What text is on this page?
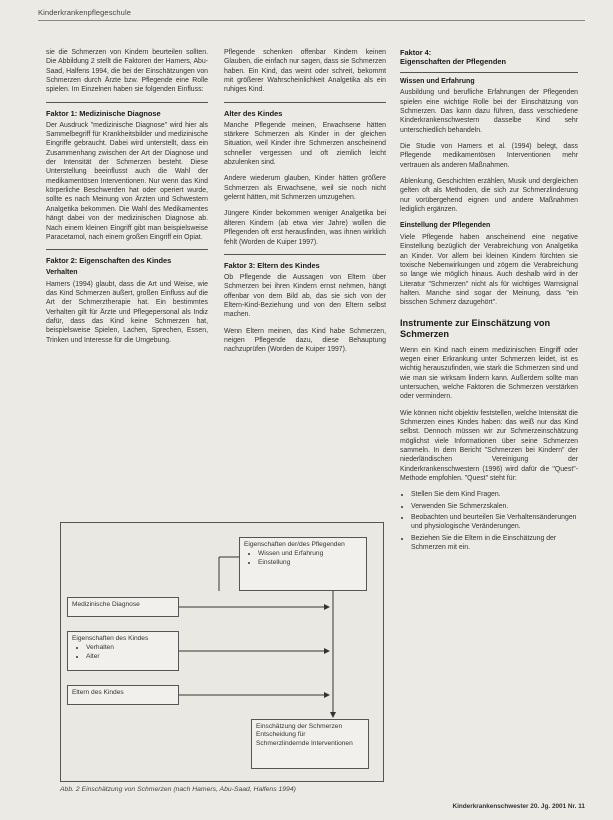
Kinderkrankenpflegeschule

sie die Schmerzen von Kindern beurteilen sollten. Die Abbildung 2 stellt die Faktoren der Hamers, Abu-Saad, Halfens 1994, die bei der Einschätzungen von Schmerzen durch Ärzte bzw. Pflegende eine Rolle spielen. Im Einzelnen haben sie folgenden Einfluss:

Faktor 1: Medizinische Diagnose

Der Ausdruck "medizinische Diagnose" wird hier als Sammelbegriff für Krankheitsbilder und medizinische Eingriffe gebraucht. Dabei wird unterstellt, dass ein Zusammenhang zwischen der Art der Diagnose und der Intensität der Schmerzen besteht. Diese Unterstellung beeinflusst auch die Wahl der medikamentösen Interventionen. Nur wenn das Kind körperliche Beschwerden hat oder operiert wurde, sollte es nach Meinung von Ärzten und Schwestern Analgetika bekommen. Die Wahl des Medikamentes hängt dabei von der medizinischen Diagnose ab. Nach einem kleinen Eingriff gibt man beispielsweise Paracetamol, nach einem großen Eingriff ein Opiat.

Faktor 2: Eigenschaften des Kindes
Verhalten

Hamers (1994) glaubt, dass die Art und Weise, wie das Kind Schmerzen äußert, großen Einfluss auf die Art der Schmerztherapie hat. Ein bestimmtes Verhalten gilt für Ärzte und Pflegepersonal als Indiz dafür, dass das Kind keine Schmerzen hat, beispielsweise Spielen, Lachen, Sprechen, Essen, Trinken und Interesse für die Umgebung.

Pflegende schenken offenbar Kindern keinen Glauben, die einfach nur sagen, dass sie Schmerzen haben. Ein Kind, das weint oder schreit, bekommt mit größerer Wahrscheinlichkeit Analgetika als ein ruhiges Kind.

Alter des Kindes

Manche Pflegende meinen, Erwachsene hätten stärkere Schmerzen als Kinder in der gleichen Situation, weil Kinder ihre Schmerzen anscheinend schneller vergessen und oft ziemlich leicht abzulenken sind.

Andere wiederum glauben, Kinder hätten größere Schmerzen als Erwachsene, weil sie noch nicht gelernt hätten, mit Schmerzen umzugehen.

Jüngere Kinder bekommen weniger Analgetika bei älteren Kindern (ab etwa vier Jahre) wollen die Pflegenden oft erst herausfinden, was ihnen wirklich fehlt (Worden de Kuiper 1997).

Faktor 3: Eltern des Kindes

Ob Pflegende die Aussagen von Eltern über Schmerzen bei ihren Kindern ernst nehmen, hängt offenbar von dem Bild ab, das sie sich von der Eltern-Kind-Beziehung und von den Eltern selbst machen.

Wenn Eltern meinen, das Kind habe Schmerzen, neigen Pflegende dazu, diese Behauptung nachzuprüfen (Worden de Kuiper 1997).

Faktor 4:
Eigenschaften der Pflegenden
Wissen und Erfahrung

Ausbildung und berufliche Erfahrungen der Pflegenden spielen eine wichtige Rolle bei der Einschätzung von Schmerzen. Das kann dazu führen, dass verschiedene Kinderkrankenschwestern dasselbe Kind sehr unterschiedlich behandeln.

Die Studie von Hamers et al. (1994) belegt, dass Pflegende medikamentösen Interventionen mehr vertrauen als anderen Maßnahmen.

Ablenkung, Geschichten erzählen, Musik und dergleichen gelten oft als Methoden, die sich zur Schmerzlinderung nur vorübergehend eignen und andere Maßnahmen lediglich ergänzen.

Einstellung der Pflegenden

Viele Pflegende haben anscheinend eine negative Einstellung bezüglich der Verabreichung von Analgetika an Kinder. Vor allem bei kleinen Kindern fürchten sie toxische Nebenwirkungen und zögern die Verabreichung so lange wie möglich hinaus. Auch deshalb wird in der Literatur "Schmerzen" nicht als für wichtiges Warnsignal halten. Manche sind sogar der Meinung, dass "ein bisschen Schmerz dazugehört".

Instrumente zur Einschätzung von Schmerzen

Wenn ein Kind nach einem medizinischen Eingriff oder wegen einer Erkrankung unter Schmerzen leidet, ist es wichtig herauszufinden, wie stark die Schmerzen sind und wie man sie wirksam lindern kann. Außerdem sollte man untersuchen, welche Faktoren die Schmerzen verstärken oder vermindern.

Wie können nicht objektiv feststellen, welche Intensität die Schmerzen eines Kindes haben: das weiß nur das Kind selbst. Dennoch müssen wir zur Schmerzeinschätzung möglichst viele Informationen über seine Schmerzen sammeln. In dem Bericht "Schmerzen bei Kindern" der niederländischen Vereinigung der Kinderkrankenschwestern (1996) wird dafür die "Quest"-Methode empfohlen. "Quest" steht für:

• Stellen Sie dem Kind Fragen.
• Verwenden Sie Schmerzskalen.
• Beobachten und beurteilen Sie Verhaltensänderungen und physiologische Veränderungen.
• Beziehen Sie die Eltern in die Einschätzung der Schmerzen mit ein.
Eigenschaften der/des Pflegenden
• Wissen und Erfahrung
• Einstellung
Medizinische Diagnose
Eigenschaften des Kindes
• Verhalten
• Alter
Eltern des Kindes
Einschätzung der Schmerzen
Entscheidung für
Schmerzlindernde Interventionen
Abb. 2 Einschätzung von Schmerzen (nach Hamers, Abu-Saad, Halfens 1994)
Kinderkrankenschwester 20. Jg. 2001 Nr. 11
